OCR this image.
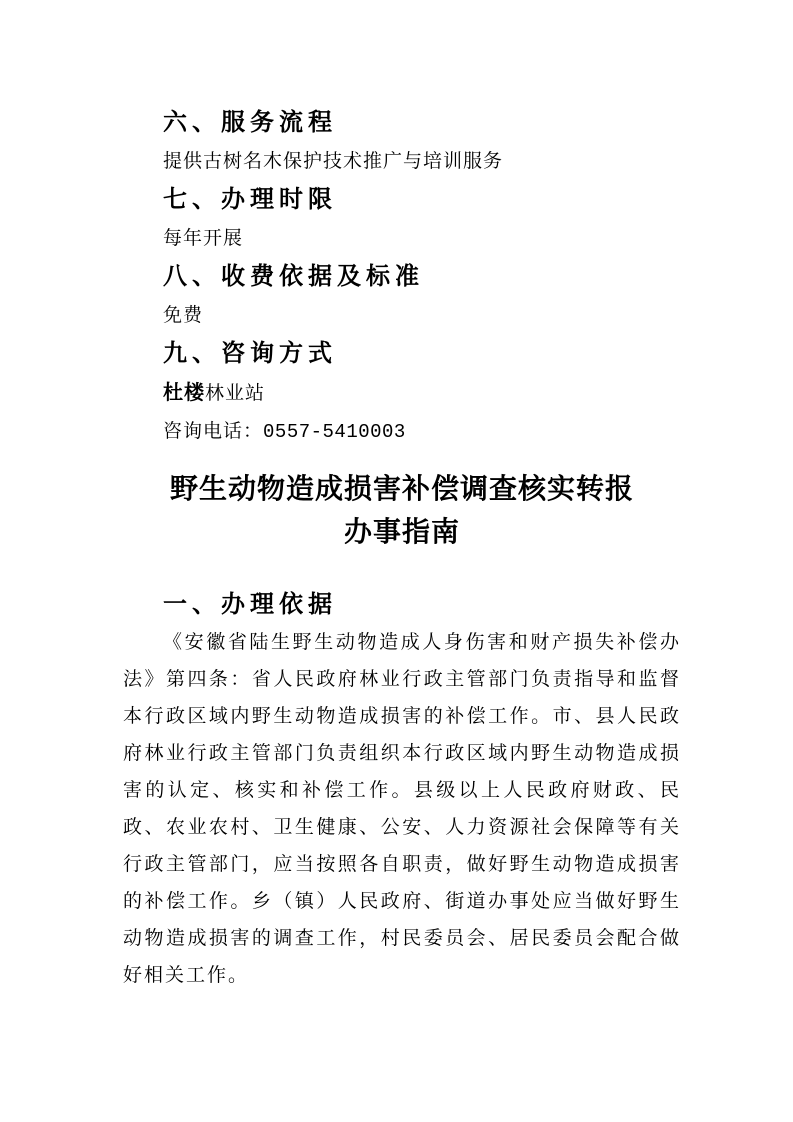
六、服务流程

提供古树名木保护技术推广与培训服务

七、办理时限

每年开展

八、收费依据及标准

免费

九、咨询方式

杜楼林业站

咨询电话：0557-5410003

野生动物造成损害补偿调查核实转报
办事指南
一、办理依据

《安徽省陆生野生动物造成人身伤害和财产损失补偿办法》第四条：省人民政府林业行政主管部门负责指导和监督本行政区域内野生动物造成损害的补偿工作。市、县人民政府林业行政主管部门负责组织本行政区域内野生动物造成损害的认定、核实和补偿工作。县级以上人民政府财政、民政、农业农村、卫生健康、公安、人力资源社会保障等有关行政主管部门，应当按照各自职责，做好野生动物造成损害的补偿工作。乡（镇）人民政府、街道办事处应当做好野生动物造成损害的调查工作，村民委员会、居民委员会配合做好相关工作。
